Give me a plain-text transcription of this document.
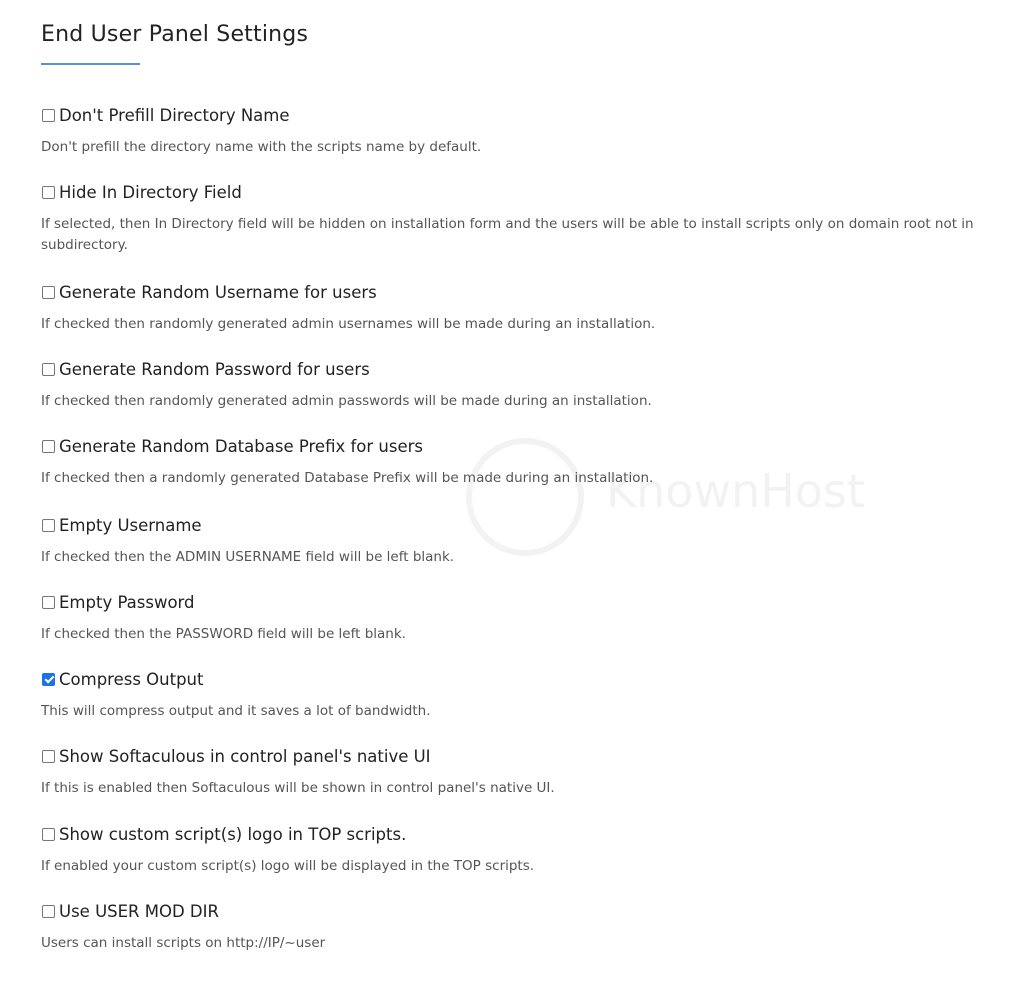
KnownHost
End User Panel Settings
Don't Prefill Directory Name
Don't prefill the directory name with the scripts name by default.
Hide In Directory Field
If selected, then In Directory field will be hidden on installation form and the users will be able to install scripts only on domain root not in subdirectory.
Generate Random Username for users
If checked then randomly generated admin usernames will be made during an installation.
Generate Random Password for users
If checked then randomly generated admin passwords will be made during an installation.
Generate Random Database Prefix for users
If checked then a randomly generated Database Prefix will be made during an installation.
Empty Username
If checked then the ADMIN USERNAME field will be left blank.
Empty Password
If checked then the PASSWORD field will be left blank.
Compress Output
This will compress output and it saves a lot of bandwidth.
Show Softaculous in control panel's native UI
If this is enabled then Softaculous will be shown in control panel's native UI.
Show custom script(s) logo in TOP scripts.
If enabled your custom script(s) logo will be displayed in the TOP scripts.
Use USER MOD DIR
Users can install scripts on http://IP/~user
